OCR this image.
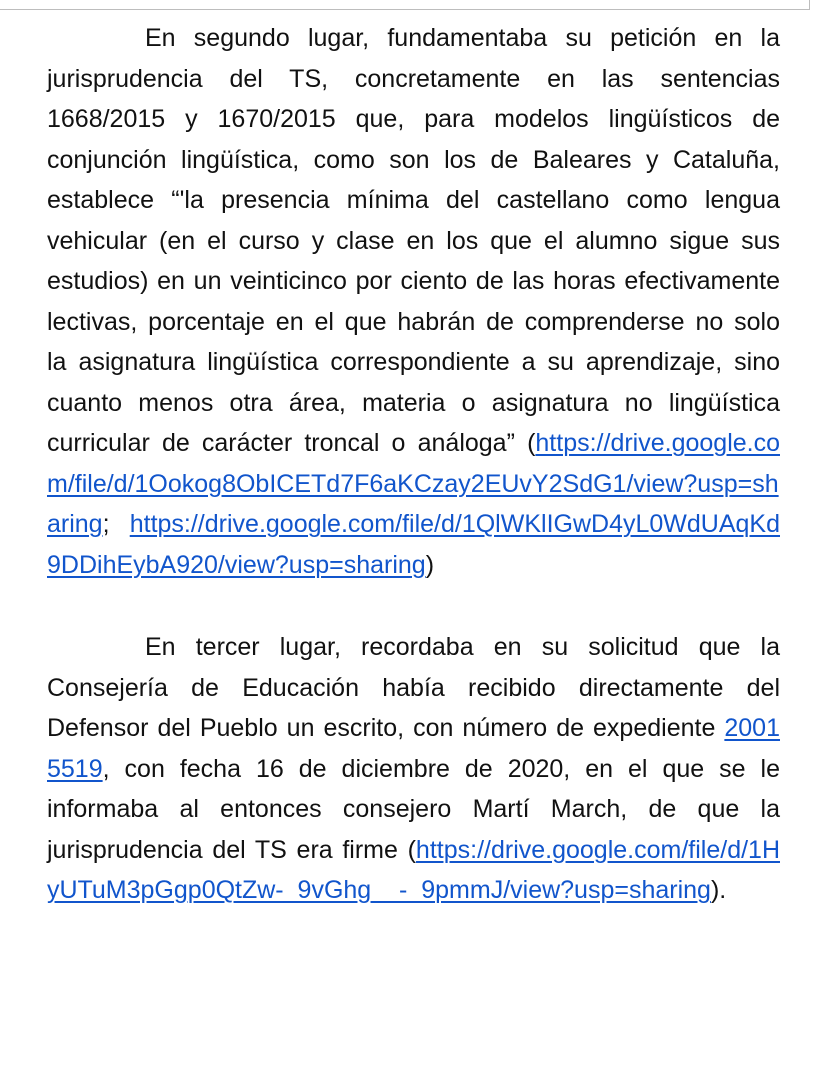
En segundo lugar, fundamentaba su petición en la jurisprudencia del TS, concretamente en las sentencias 1668/2015 y 1670/2015 que, para modelos lingüísticos de conjunción lingüística, como son los de Baleares y Cataluña, establece “'la presencia mínima del castellano como lengua vehicular (en el curso y clase en los que el alumno sigue sus estudios) en un veinticinco por ciento de las horas efectivamente lectivas, porcentaje en el que habrán de comprenderse no solo la asignatura lingüística correspondiente a su aprendizaje, sino cuanto menos otra área, materia o asignatura no lingüística curricular de carácter troncal o análoga” (https://drive.google.com/file/d/1Ookog8ObICETd7F6aKCzay2EUvY2SdG1/view?usp=sharing; https://drive.google.com/file/d/1QlWKlIGwD4yL0WdUAqKd9DDihEybA920/view?usp=sharing)

En tercer lugar, recordaba en su solicitud que la Consejería de Educación había recibido directamente del Defensor del Pueblo un escrito, con número de expediente 20015519, con fecha 16 de diciembre de 2020, en el que se le informaba al entonces consejero Martí March, de que la jurisprudencia del TS era firme (https://drive.google.com/file/d/1HyUTuM3pGgp0QtZw-_9vGhg__-_9pmmJ/view?usp=sharing).
